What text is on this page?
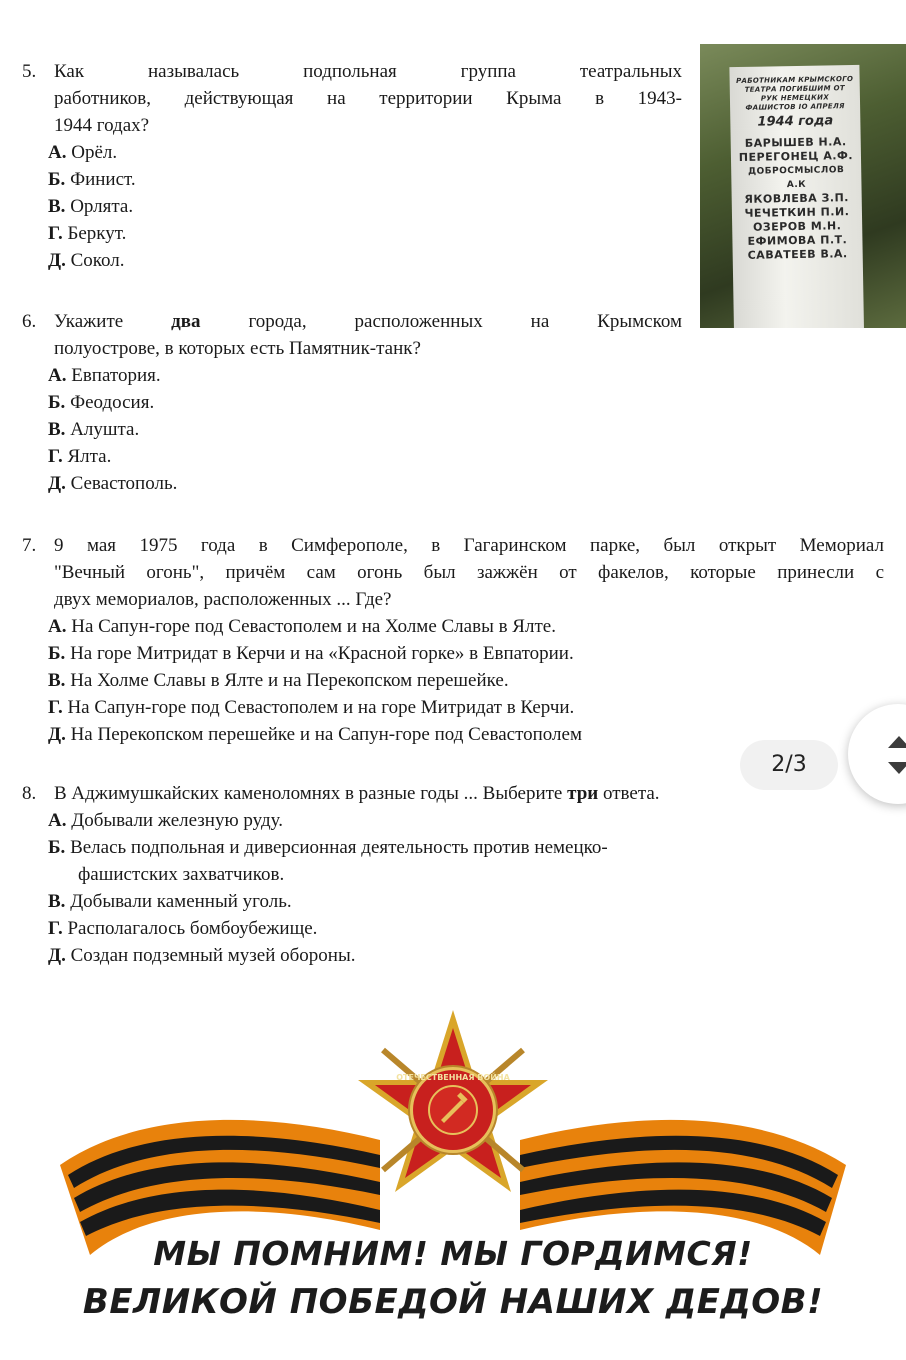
5. Как называлась подпольная группа театральных
работников, действующая на территории Крыма в 1943-
1944 годах?
А. Орёл.
Б. Финист.
В. Орлята.
Г. Беркут.
Д. Сокол.
РАБОТНИКАМ КРЫМСКОГО
ТЕАТРА ПОГИБШИМ ОТ
РУК НЕМЕЦКИХ
ФАШИСТОВ IО АПРЕЛЯ
1944 года
БАРЫШЕВ Н.А.
ПЕРЕГОНЕЦ А.Ф.
ДОБРОСМЫСЛОВ А.К
ЯКОВЛЕВА З.П.
ЧЕЧЕТКИН П.И.
ОЗЕРОВ М.Н.
ЕФИМОВА П.Т.
САВАТЕЕВ В.А.
6. Укажите	два	города, расположенных на Крымском
полуострове, в которых есть Памятник-танк?
А. Евпатория.
Б. Феодосия.
В. Алушта.
Г. Ялта.
Д. Севастополь.
7. 9 мая 1975 года в Симферополе, в Гагаринском парке, был открыт Мемориал
"Вечный огонь", причём сам огонь был зажжён от факелов, которые принесли с
двух мемориалов, расположенных ... Где?
А. На Сапун-горе под Севастополем и на Холме Славы в Ялте.
Б. На горе Митридат в Керчи и на «Красной горке» в Евпатории.
В. На Холме Славы в Ялте и на Перекопском перешейке.
Г. На Сапун-горе под Севастополем и на горе Митридат в Керчи.
Д. На Перекопском перешейке и на Сапун-горе под Севастополем
8. В Аджимушкайских каменоломнях в разные годы ... Выберите три ответа.
А. Добывали железную руду.
Б. Велась подпольная и диверсионная деятельность против немецко-
фашистских захватчиков.
В. Добывали каменный уголь.
Г. Располагалось бомбоубежище.
Д. Создан подземный музей обороны.
2/3
ОТЕЧЕСТВЕННАЯ ВОЙНА
МЫ ПОМНИМ! МЫ ГОРДИМСЯ!
ВЕЛИКОЙ ПОБЕДОЙ НАШИХ ДЕДОВ!
